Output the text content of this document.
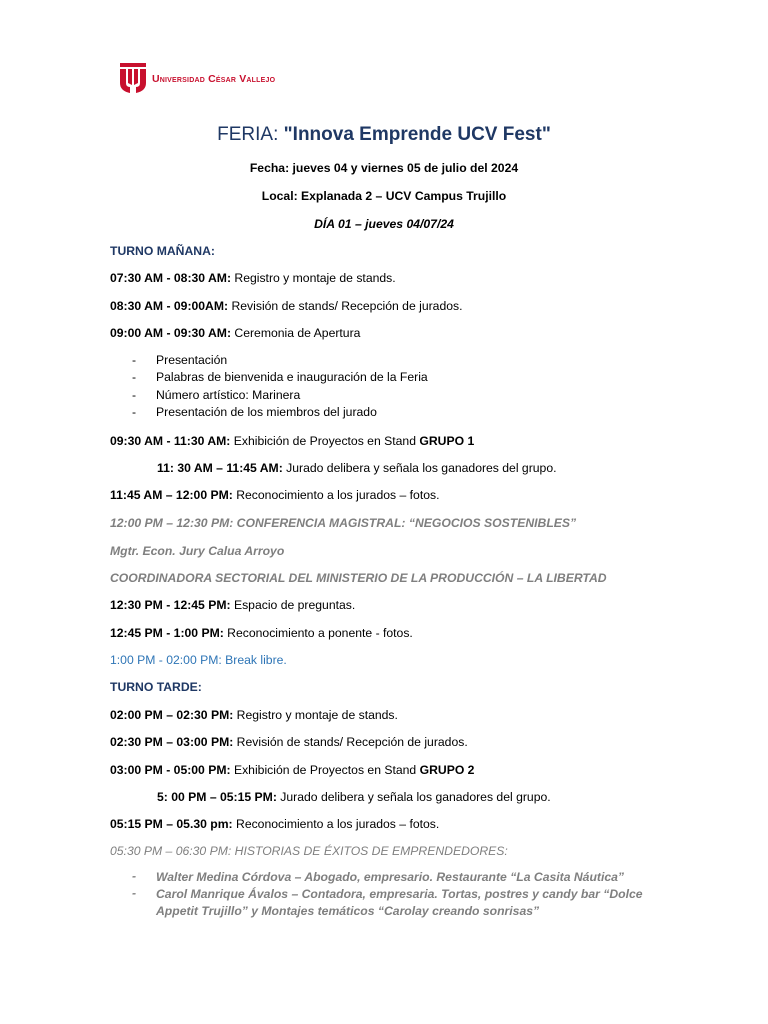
Universidad César Vallejo
FERIA: "Innova Emprende UCV Fest"
Fecha: jueves 04 y viernes 05 de julio del 2024
Local: Explanada 2 – UCV Campus Trujillo
DÍA 01 – jueves 04/07/24
TURNO MAÑANA:
07:30 AM - 08:30 AM: Registro y montaje de stands.
08:30 AM - 09:00AM: Revisión de stands/ Recepción de jurados.
09:00 AM - 09:30 AM: Ceremonia de Apertura
-	Presentación
-	Palabras de bienvenida e inauguración de la Feria
-	Número artístico: Marinera
-	Presentación de los miembros del jurado
09:30 AM - 11:30 AM: Exhibición de Proyectos en Stand GRUPO 1
11: 30 AM – 11:45 AM: Jurado delibera y señala los ganadores del grupo.
11:45 AM – 12:00 PM: Reconocimiento a los jurados – fotos.
12:00 PM – 12:30 PM: CONFERENCIA MAGISTRAL: “NEGOCIOS SOSTENIBLES”
Mgtr. Econ. Jury Calua Arroyo
COORDINADORA SECTORIAL DEL MINISTERIO DE LA PRODUCCIÓN – LA LIBERTAD
12:30 PM - 12:45 PM: Espacio de preguntas.
12:45 PM - 1:00 PM: Reconocimiento a ponente - fotos.
1:00 PM - 02:00 PM: Break libre.
TURNO TARDE:
02:00 PM – 02:30 PM: Registro y montaje de stands.
02:30 PM – 03:00 PM: Revisión de stands/ Recepción de jurados.
03:00 PM - 05:00 PM: Exhibición de Proyectos en Stand GRUPO 2
5: 00 PM – 05:15 PM: Jurado delibera y señala los ganadores del grupo.
05:15 PM – 05.30 pm: Reconocimiento a los jurados – fotos.
05:30 PM – 06:30 PM: HISTORIAS DE ÉXITOS DE EMPRENDEDORES:
-	Walter Medina Córdova – Abogado, empresario. Restaurante “La Casita Náutica”
-	Carol Manrique Ávalos – Contadora, empresaria. Tortas, postres y candy bar “Dolce Appetit Trujillo” y Montajes temáticos “Carolay creando sonrisas”
